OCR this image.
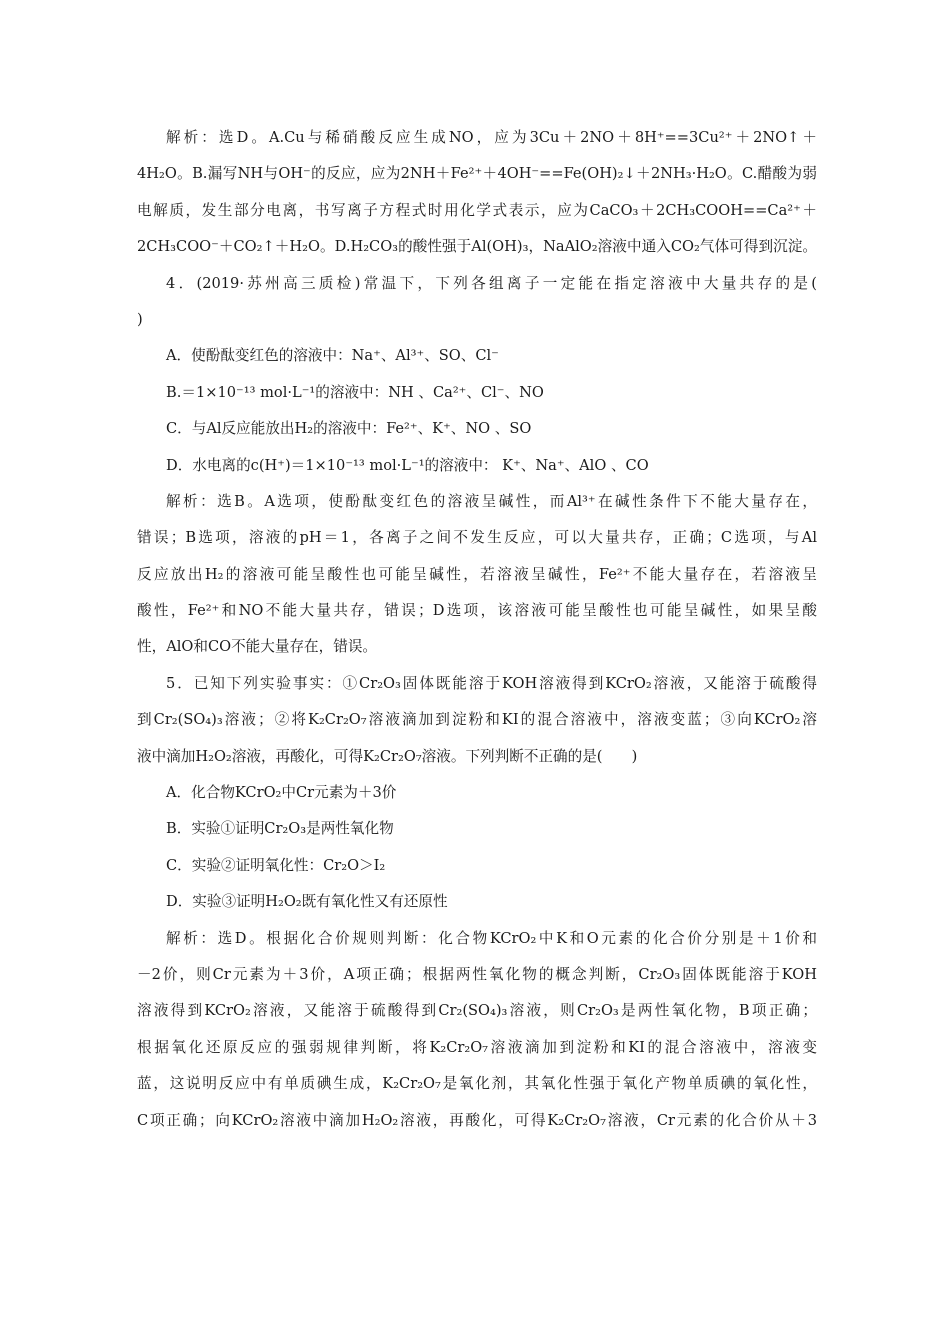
解析：选D。A.Cu与稀硝酸反应生成NO，应为3Cu＋2NO＋8H⁺==3Cu²⁺＋2NO↑＋
4H₂O。B.漏写NH与OH⁻的反应，应为2NH＋Fe²⁺＋4OH⁻==Fe(OH)₂↓＋2NH₃·H₂O。C.醋酸为弱
电解质，发生部分电离，书写离子方程式时用化学式表示，应为CaCO₃＋2CH₃COOH==Ca²⁺＋
2CH₃COO⁻＋CO₂↑＋H₂O。D.H₂CO₃的酸性强于Al(OH)₃，NaAlO₂溶液中通入CO₂气体可得到沉淀。
4．(2019·苏州高三质检)常温下，下列各组离子一定能在指定溶液中大量共存的是(
)
A．使酚酞变红色的溶液中：Na⁺、Al³⁺、SO、Cl⁻
B.＝1×10⁻¹³ mol·L⁻¹的溶液中：NH 、Ca²⁺、Cl⁻、NO
C．与Al反应能放出H₂的溶液中：Fe²⁺、K⁺、NO 、SO
D．水电离的c(H⁺)＝1×10⁻¹³ mol·L⁻¹的溶液中： K⁺、Na⁺、AlO 、CO
解析：选B。A选项，使酚酞变红色的溶液呈碱性，而Al³⁺在碱性条件下不能大量存在，
错误；B选项，溶液的pH＝1，各离子之间不发生反应，可以大量共存，正确；C选项，与Al
反应放出H₂的溶液可能呈酸性也可能呈碱性，若溶液呈碱性，Fe²⁺不能大量存在，若溶液呈
酸性，Fe²⁺和NO不能大量共存，错误；D选项，该溶液可能呈酸性也可能呈碱性，如果呈酸
性，AlO和CO不能大量存在，错误。
5．已知下列实验事实：①Cr₂O₃固体既能溶于KOH溶液得到KCrO₂溶液，又能溶于硫酸得
到Cr₂(SO₄)₃溶液；②将K₂Cr₂O₇溶液滴加到淀粉和KI的混合溶液中，溶液变蓝；③向KCrO₂溶
液中滴加H₂O₂溶液，再酸化，可得K₂Cr₂O₇溶液。下列判断不正确的是(　　)
A．化合物KCrO₂中Cr元素为＋3价
B．实验①证明Cr₂O₃是两性氧化物
C．实验②证明氧化性：Cr₂O＞I₂
D．实验③证明H₂O₂既有氧化性又有还原性
解析：选D。根据化合价规则判断：化合物KCrO₂中K和O元素的化合价分别是＋1价和
－2价，则Cr元素为＋3价，A项正确；根据两性氧化物的概念判断，Cr₂O₃固体既能溶于KOH
溶液得到KCrO₂溶液，又能溶于硫酸得到Cr₂(SO₄)₃溶液，则Cr₂O₃是两性氧化物，B项正确；
根据氧化还原反应的强弱规律判断，将K₂Cr₂O₇溶液滴加到淀粉和KI的混合溶液中，溶液变
蓝，这说明反应中有单质碘生成，K₂Cr₂O₇是氧化剂，其氧化性强于氧化产物单质碘的氧化性，
C项正确；向KCrO₂溶液中滴加H₂O₂溶液，再酸化，可得K₂Cr₂O₇溶液，Cr元素的化合价从＋3
